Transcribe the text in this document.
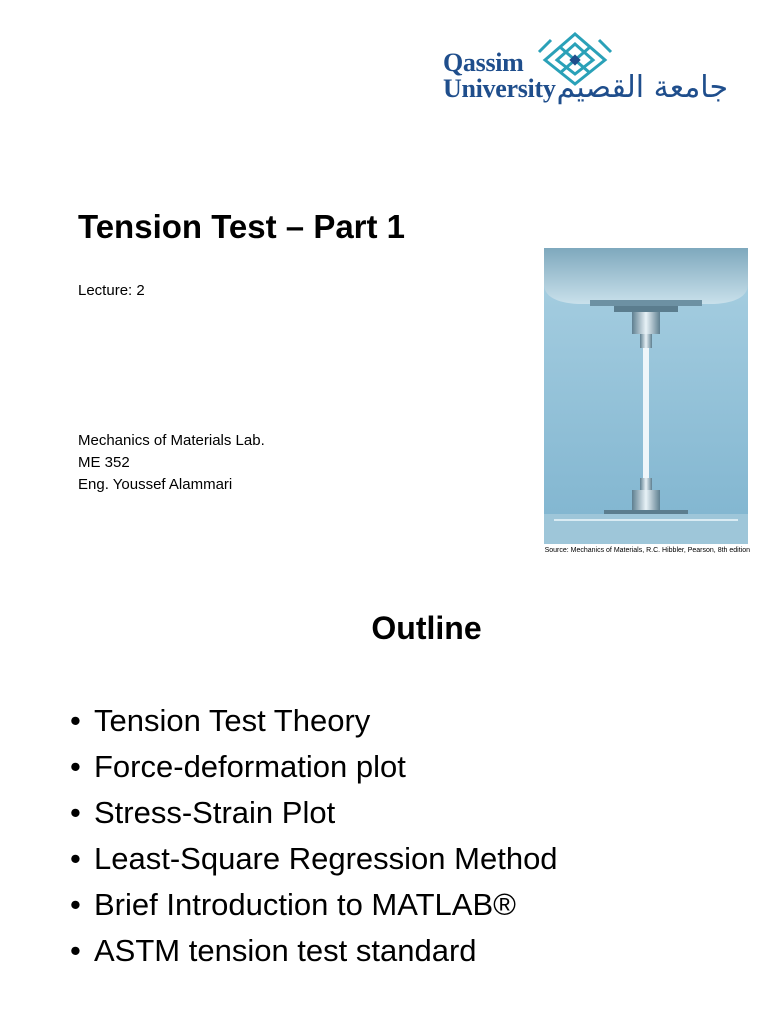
Qassim
University جامعة القصيم
Tension Test – Part 1
Lecture: 2
Mechanics of Materials Lab.
ME 352
Eng. Youssef Alammari
Source: Mechanics of Materials, R.C. Hibbler, Pearson, 8th edition
Outline
• Tension Test Theory
• Force-deformation plot
• Stress-Strain Plot
• Least-Square Regression Method
• Brief Introduction to MATLAB®
• ASTM tension test standard
